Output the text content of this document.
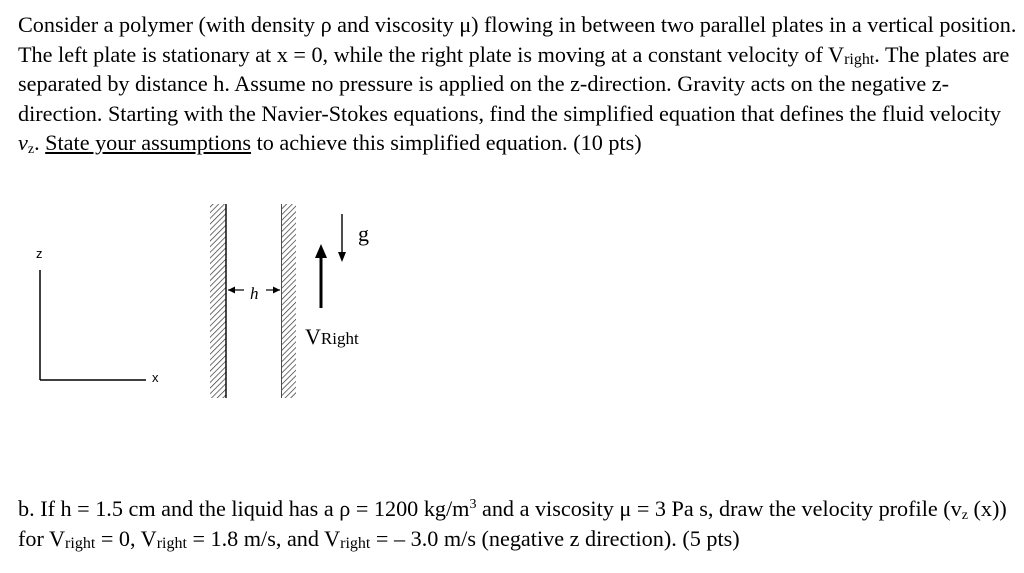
Consider a polymer (with density ρ and viscosity μ) flowing in between two parallel plates in a vertical position. The left plate is stationary at x = 0, while the right plate is moving at a constant velocity of $V_{right}$. The plates are separated by distance h. Assume no pressure is applied on the z-direction. Gravity acts on the negative z-direction. Starting with the Navier-Stokes equations, find the simplified equation that defines the fluid velocity $v_z$. State your assumptions to achieve this simplified equation. (10 pts)

z
x
h
g
VRight

b. If h = 1.5 cm and the liquid has a ρ = 1200 $kg/m^3$ and a viscosity μ = 3 Pa s, draw the velocity profile ($v_z$ (x)) for $V_{right} = 0$, $V_{right} = 1.8$ m/s, and $V_{right}$ = – 3.0 m/s (negative z direction). (5 pts)
